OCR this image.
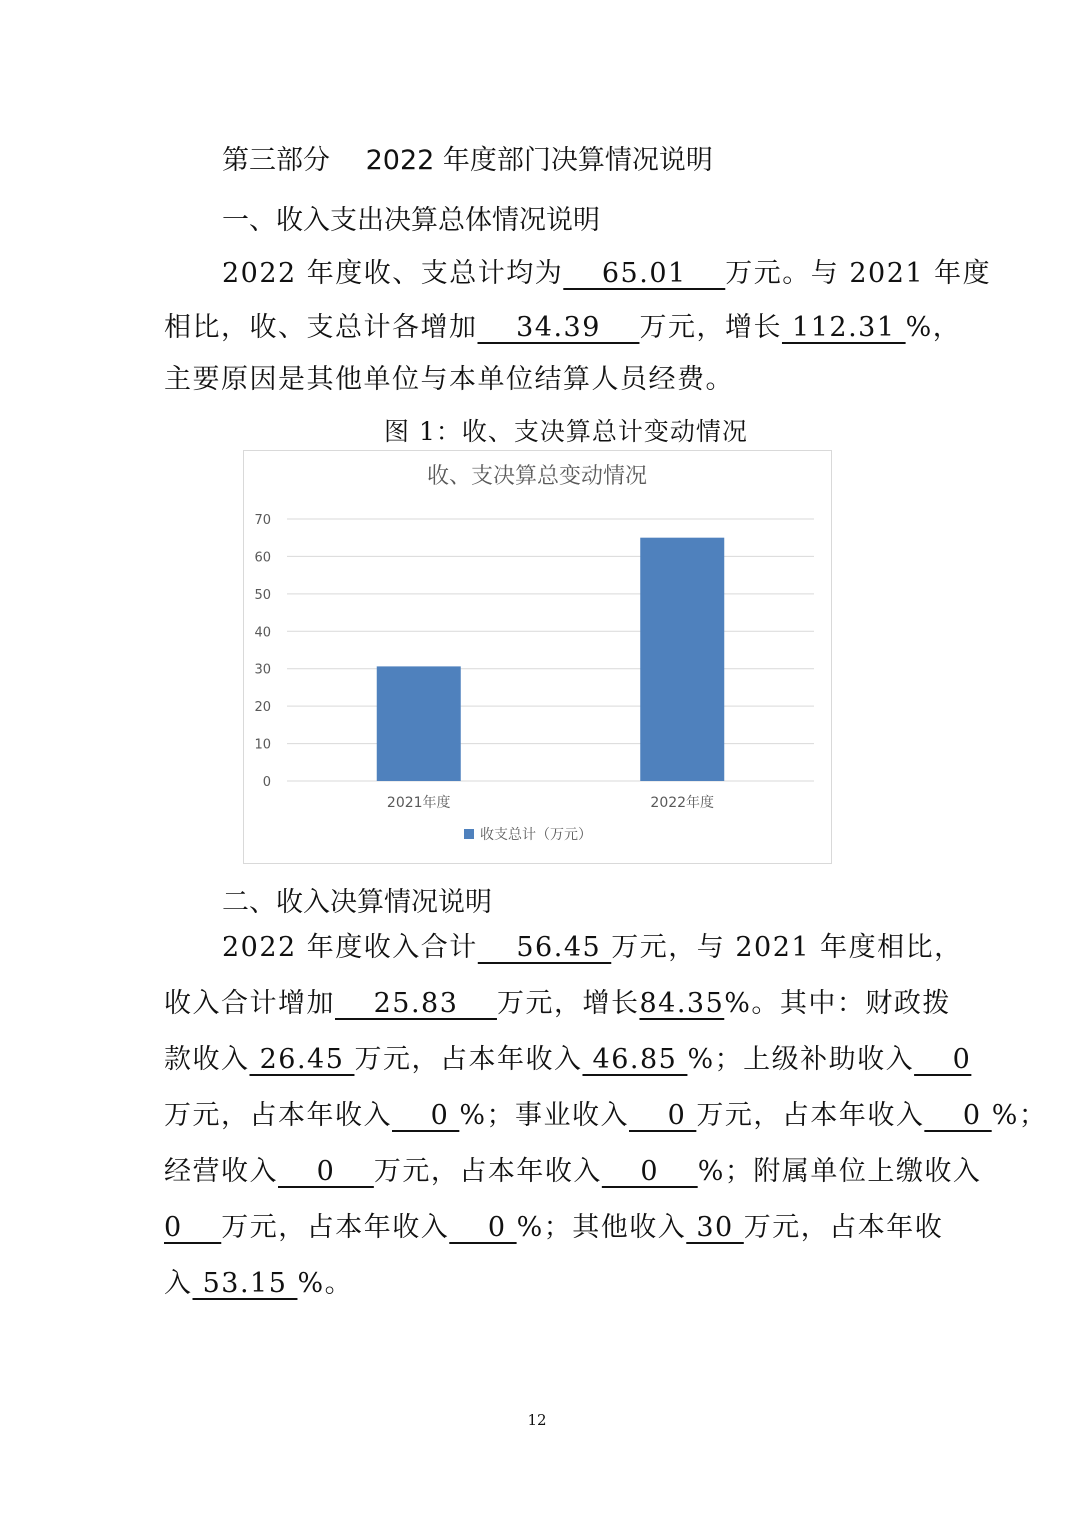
第三部分　 2022 年度部门决算情况说明
一、收入支出决算总体情况说明
2022 年度收、支总计均为　 65.01 　万元。与 2021 年度
相比，收、支总计各增加　 34.39 　万元，增长 112.31 %，
主要原因是其他单位与本单位结算人员经费。
图 1：收、支决算总计变动情况
收、支决算总变动情况
0
10
20
30
40
50
60
70
2021年度	2022年度
收支总计（万元）
二、收入决算情况说明
2022 年度收入合计　 56.45 万元，与 2021 年度相比，
收入合计增加　 25.83 　万元，增长84.35%。其中：财政拨
款收入 26.45 万元，占本年收入 46.85 %；上级补助收入　 0
万元，占本年收入　 0 %；事业收入　 0 万元，占本年收入　 0 %；
经营收入　 0 　万元，占本年收入　 0 　%；附属单位上缴收入
0 　万元，占本年收入　 0 %；其他收入 30 万元，占本年收
入 53.15 %。
12
